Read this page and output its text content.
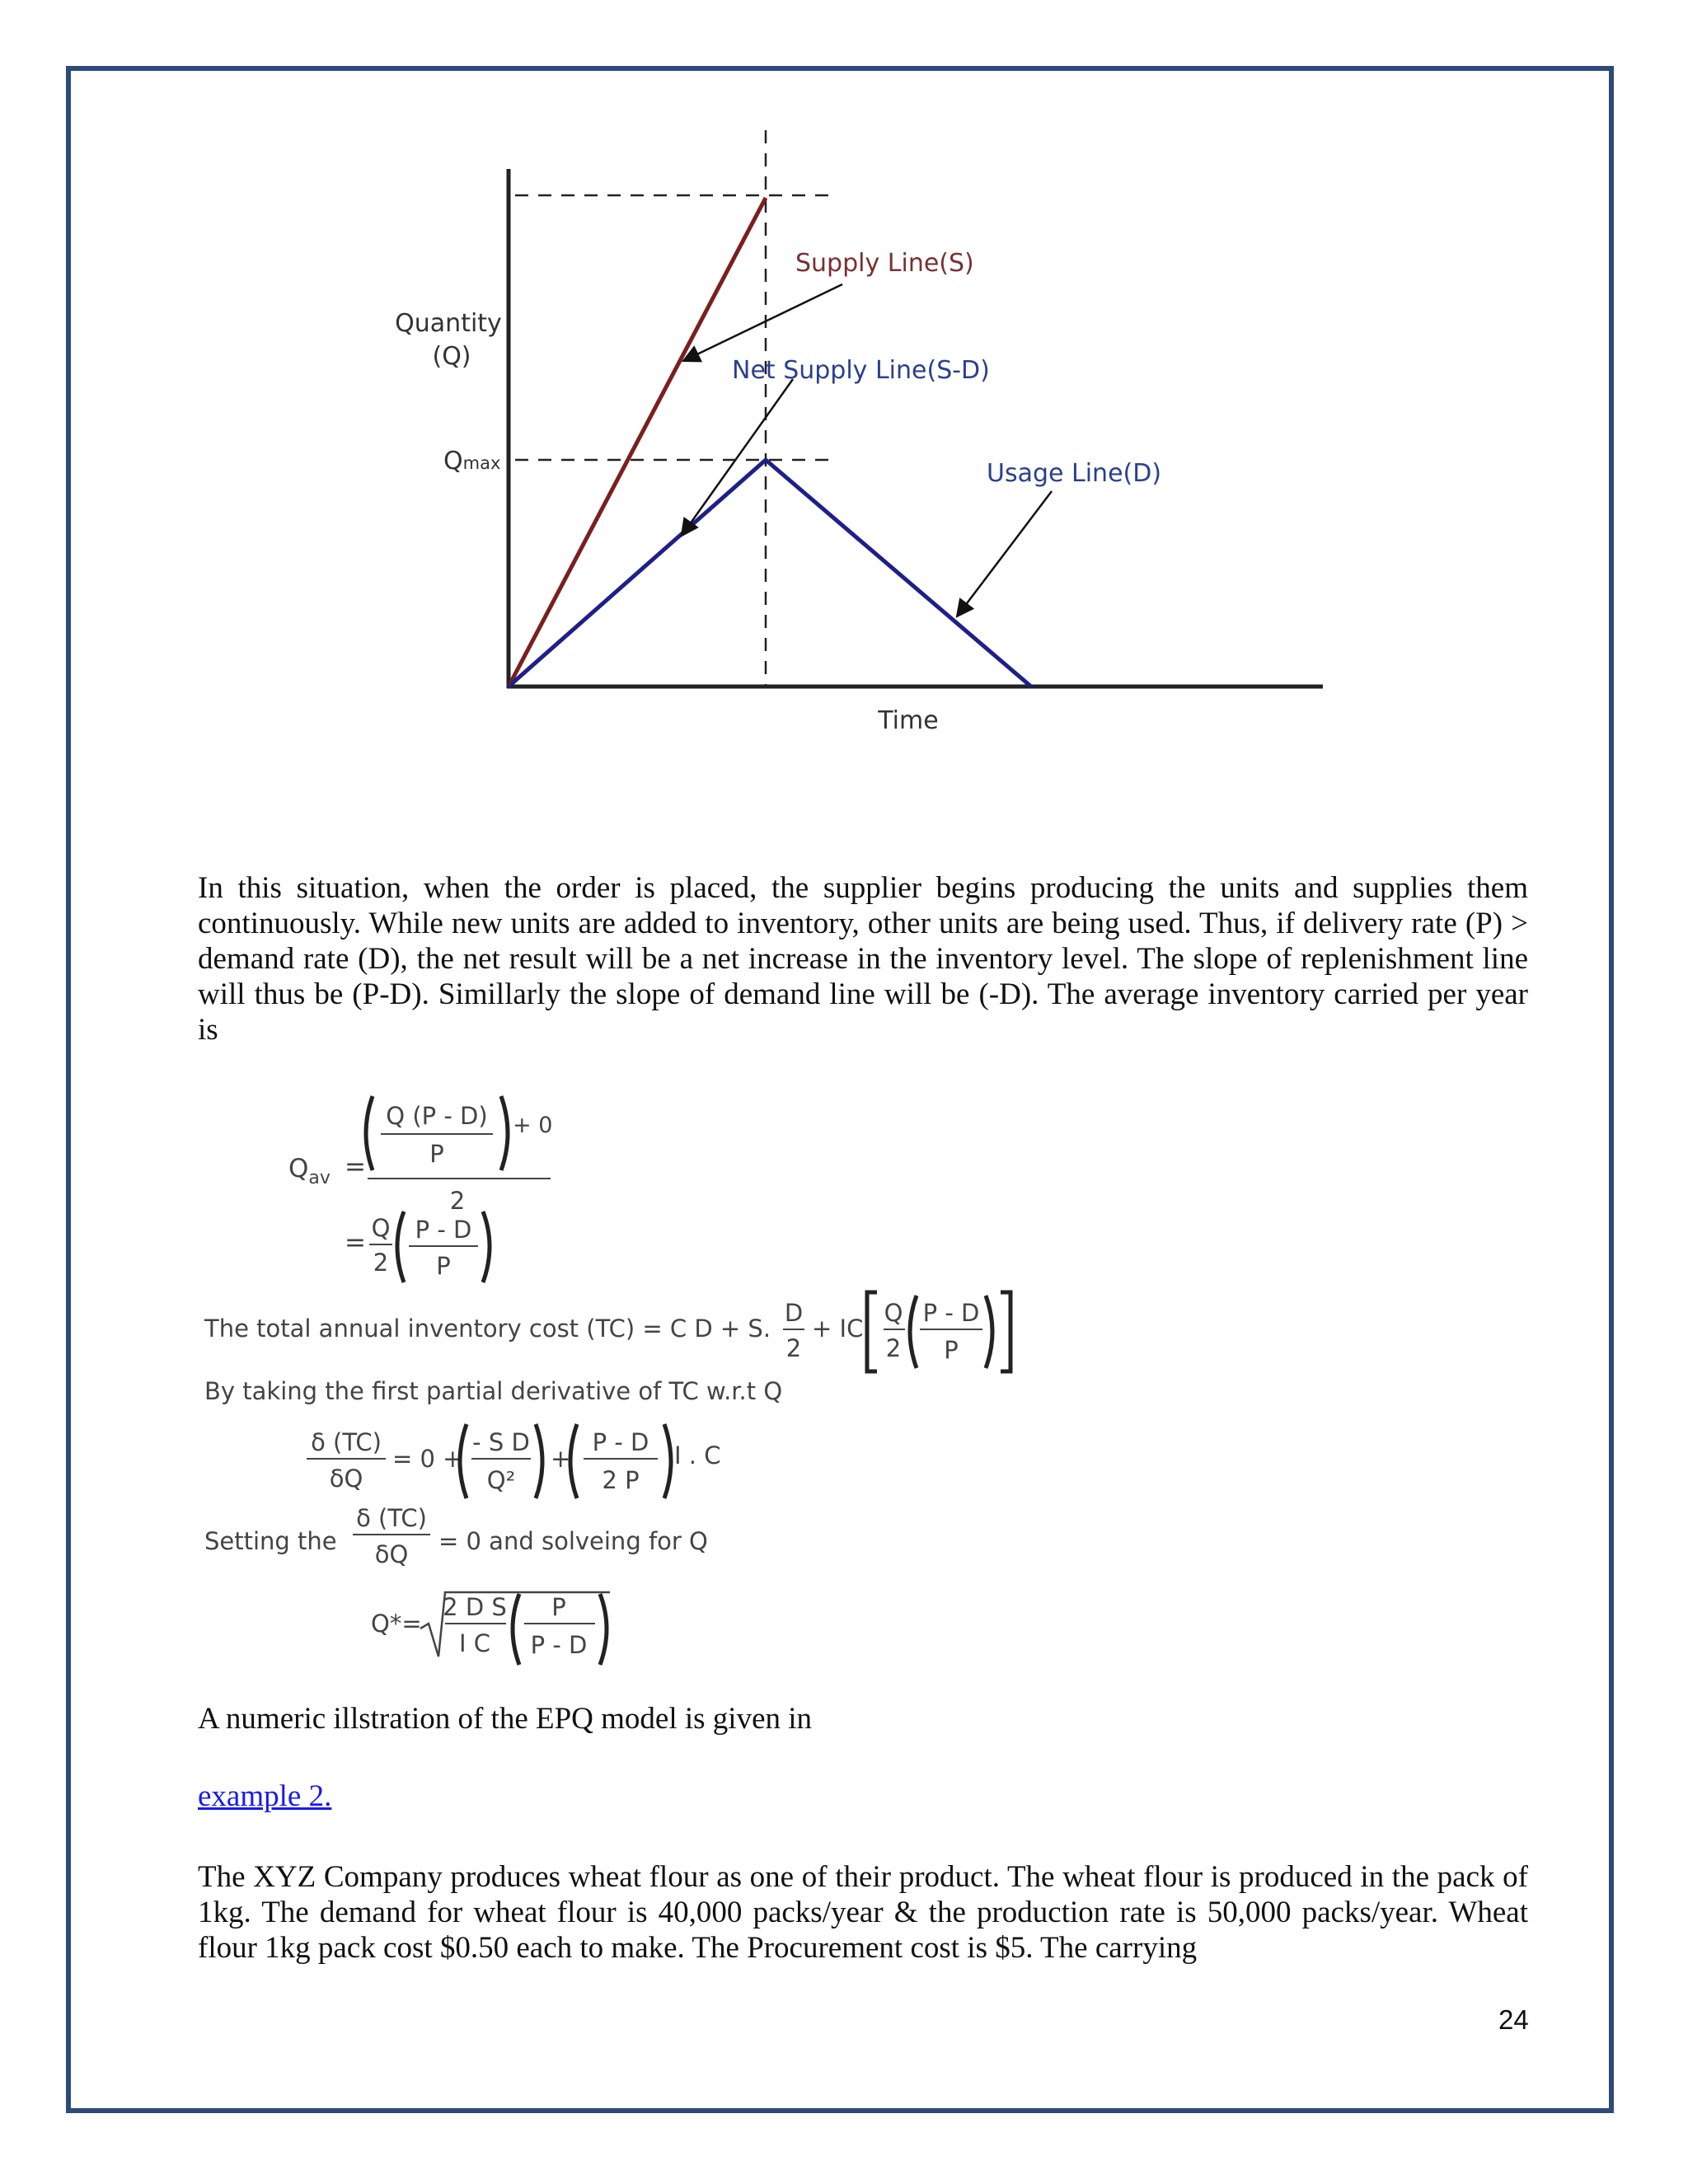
Quantity
(Q)
Qmax
Time
Supply Line(S)
Net Supply Line(S-D)
Usage Line(D)

In this situation, when the order is placed, the supplier begins producing the units and supplies them continuously. While new units are added to inventory, other units are being used. Thus, if delivery rate (P) > demand rate (D), the net result will be a net increase in the inventory level. The slope of replenishment line will thus be (P-D). Simillarly the slope of demand line will be (-D). The average inventory carried per year is

$Q_{av}$ =
Q (P - D)
P
+ 0
2
= Q
2
P - D
P
The total annual inventory cost (TC) = C D + S.
D
2
+ IC
Q
2
P - D
P
By taking the first partial derivative of TC w.r.t Q
δ (TC)
δQ
= 0 +
- S D
Q²
+
P - D
2 P
I . C
Setting the
δ (TC)
δQ = 0 and solveing for Q
Q*=
2 D S
I C
P
P - D

A numeric illstration of the EPQ model is given in

example 2.

The XYZ Company produces wheat flour as one of their product. The wheat flour is produced in the pack of 1kg. The demand for wheat flour is 40,000 packs/year & the production rate is 50,000 packs/year. Wheat flour 1kg pack cost $0.50 each to make. The Procurement cost is $5. The carrying

24
